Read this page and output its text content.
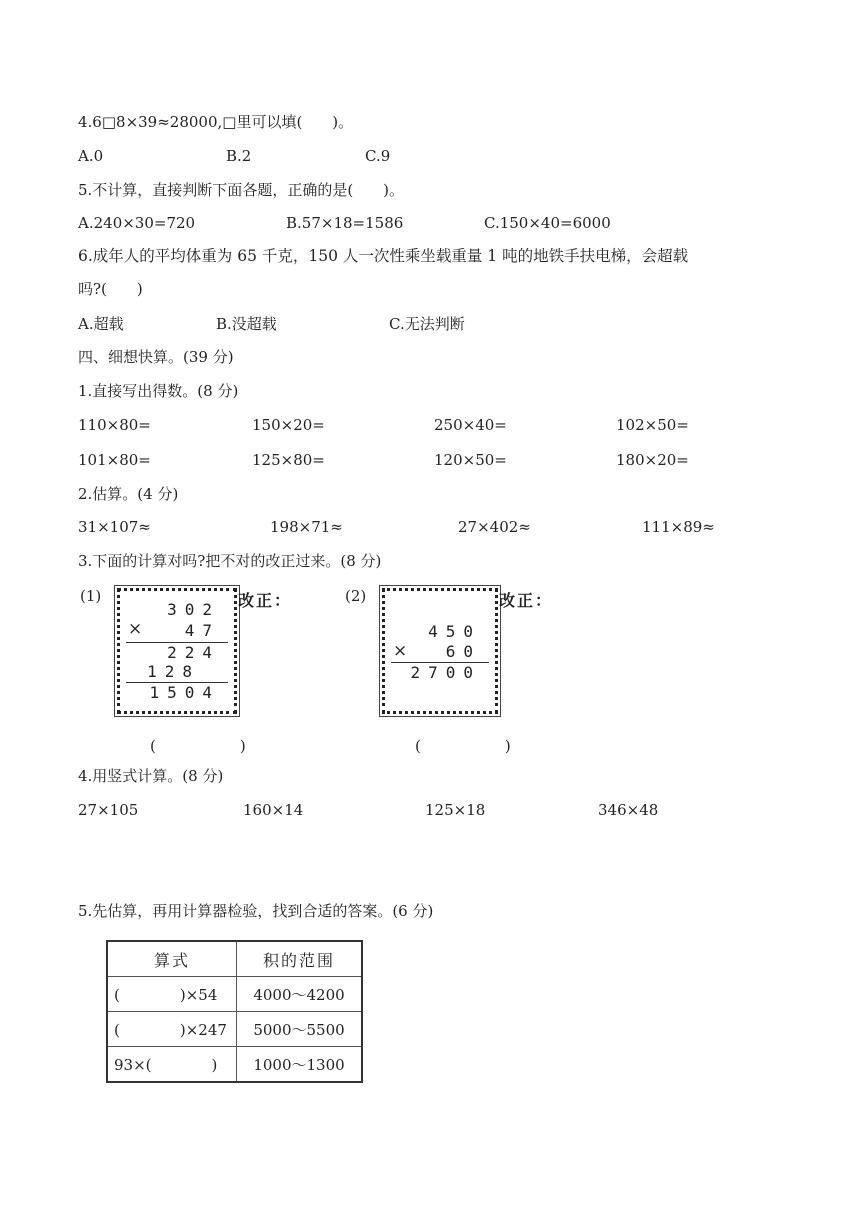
4.6□8×39≈28000,□里可以填(　　)。
A.0	B.2	C.9
5.不计算，直接判断下面各题，正确的是(　　)。
A.240×30=720	B.57×18=1586	C.150×40=6000
6.成年人的平均体重为 65 千克，150 人一次性乘坐载重量 1 吨的地铁手扶电梯，会超载
吗?(　　)
A.超载	B.没超载	C.无法判断
四、细想快算。(39 分)
1.直接写出得数。(8 分)
110×80=	150×20=	250×40=	102×50=
101×80=	125×80=	120×50=	180×20=
2.估算。(4 分)
31×107≈	198×71≈	27×402≈	111×89≈
3.下面的计算对吗?把不对的改正过来。(8 分)
(1)
302
×	47
224
128
1504
改正：
(　　)
(2)
450
× 60
2700
改正：
(　　)
4.用竖式计算。(8 分)
27×105	160×14	125×18	346×48
5.先估算，再用计算器检验，找到合适的答案。(6 分)
算式	积的范围
(　　　　)×54	4000～4200
(　　　　)×247	5000～5500
93×(　　　　)	1000～1300
